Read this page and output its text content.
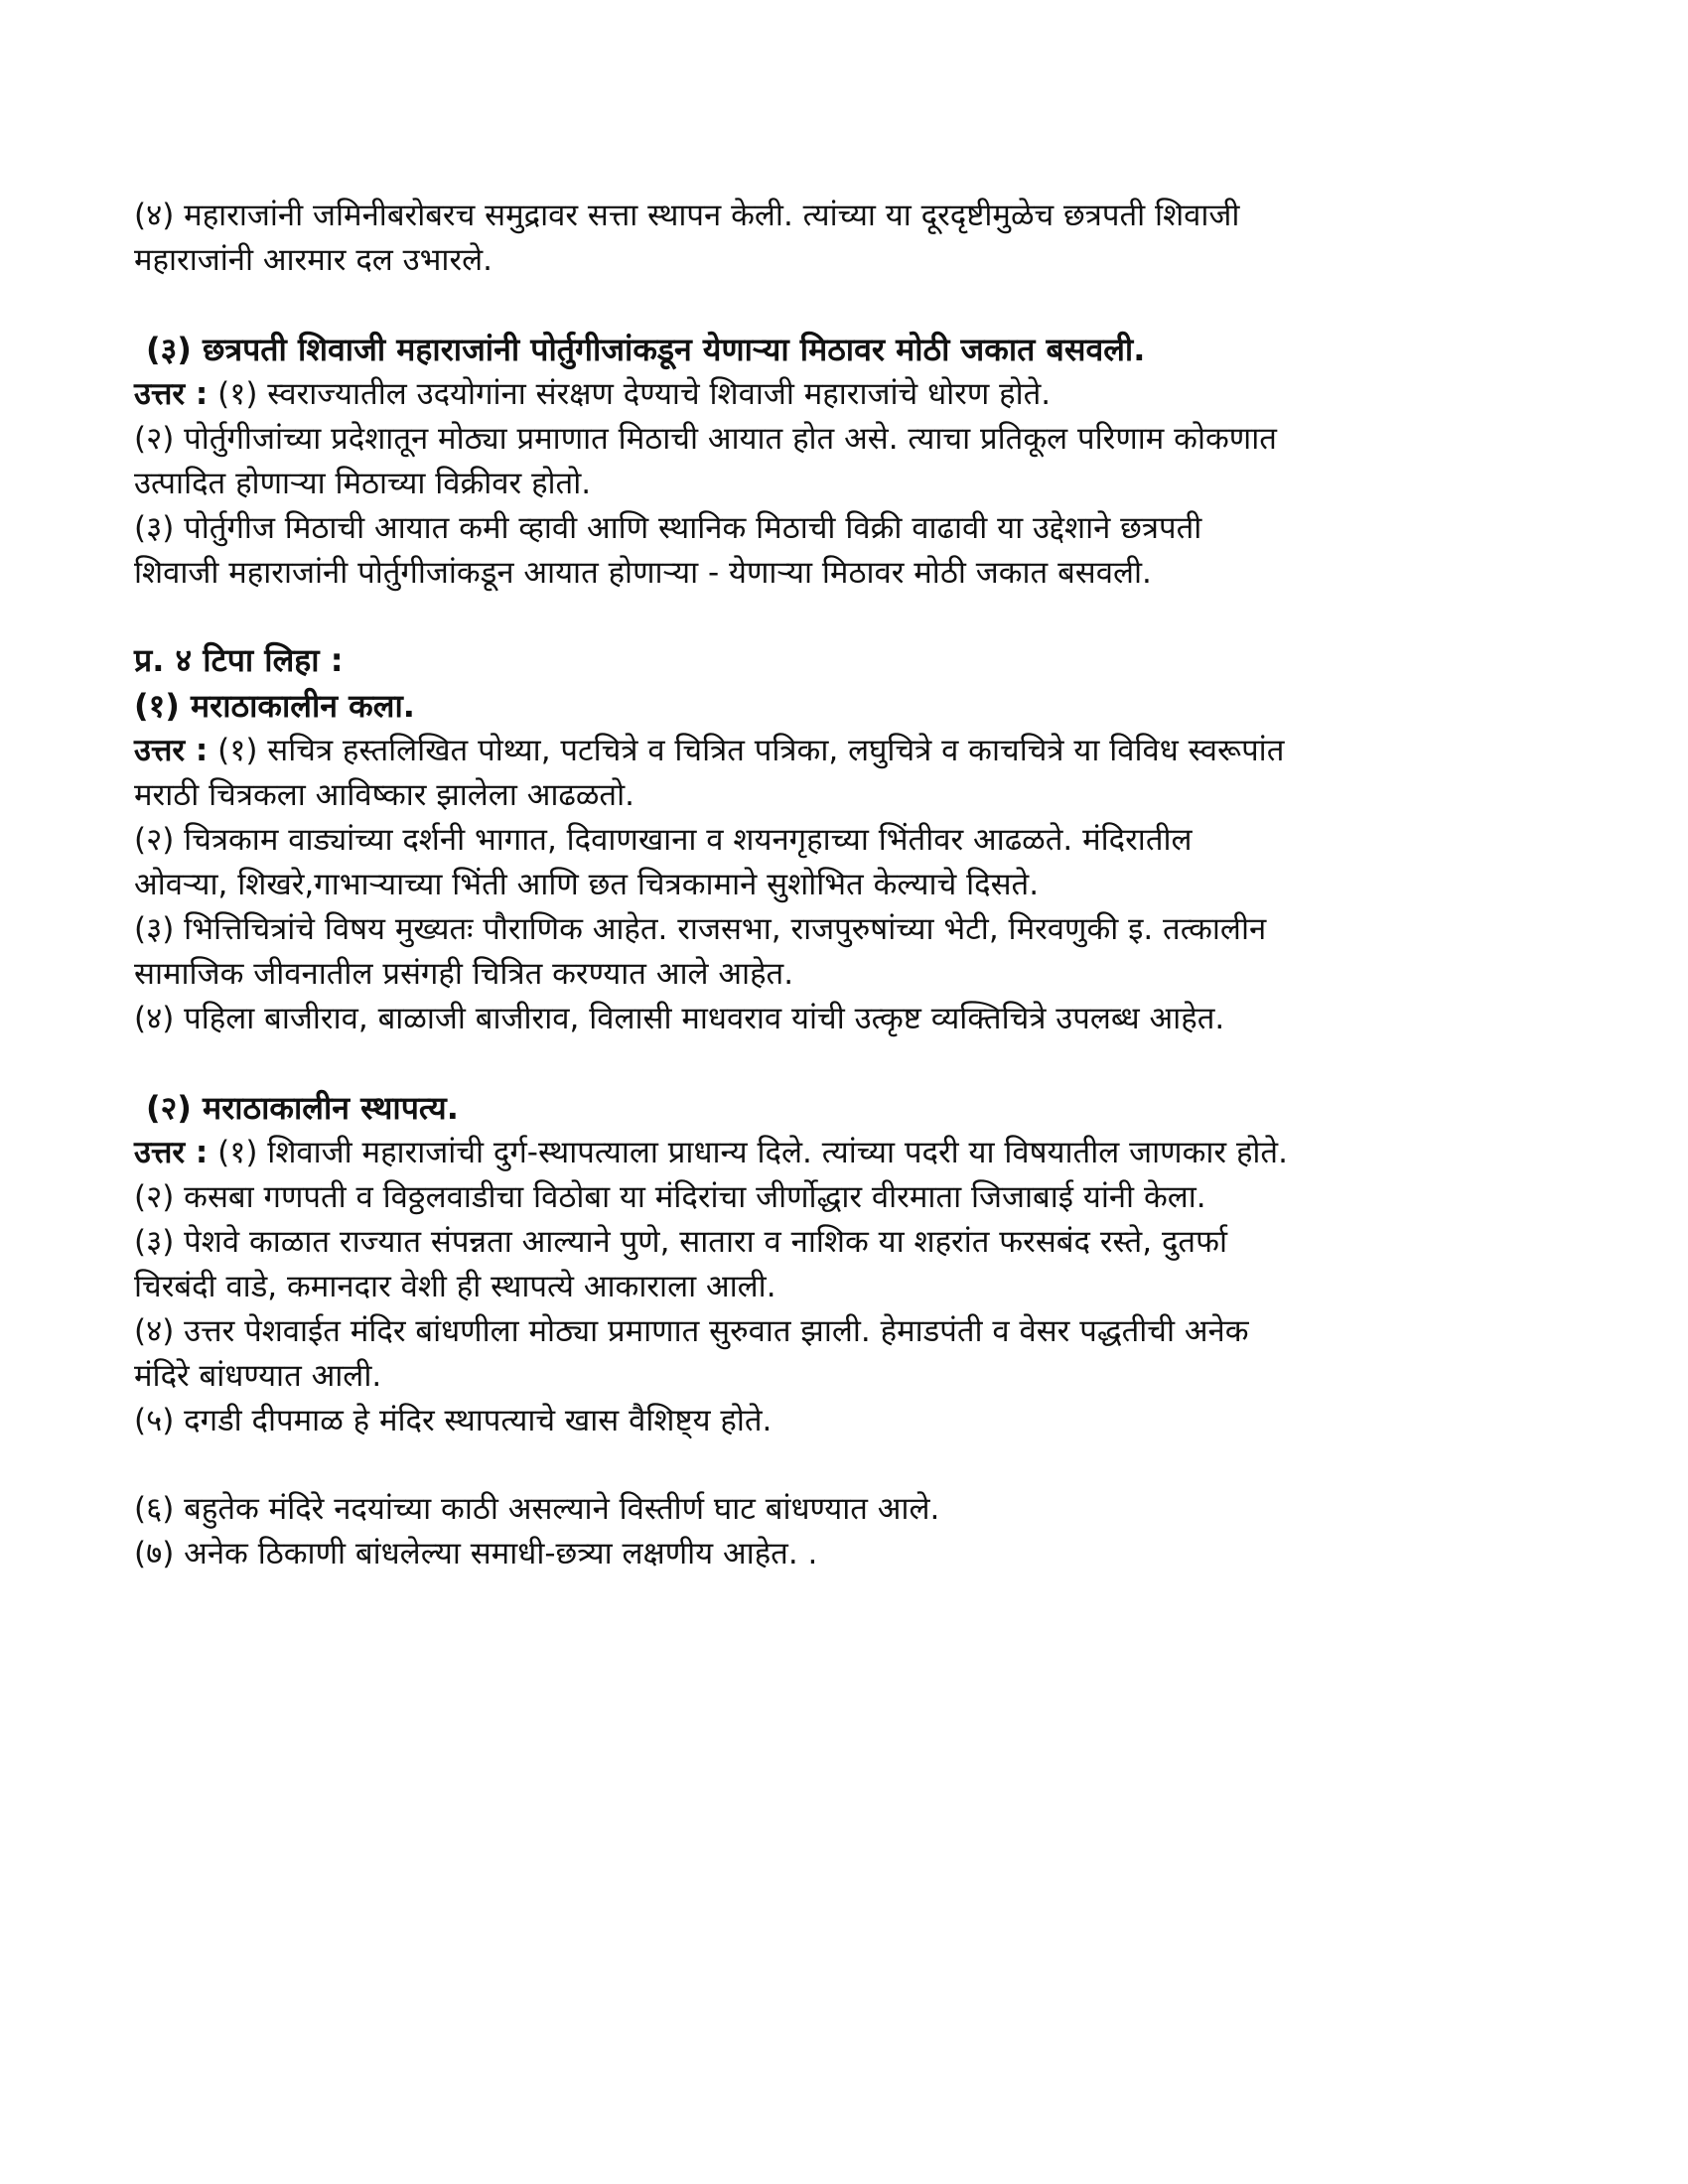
(४) महाराजांनी जमिनीबरोबरच समुद्रावर सत्ता स्थापन केली. त्यांच्या या दूरदृष्टीमुळेच छत्रपती शिवाजी

महाराजांनी आरमार दल उभारले.

(३) छत्रपती शिवाजी महाराजांनी पोर्तुगीजांकडून येणाऱ्या मिठावर मोठी जकात बसवली.

उत्तर : (१) स्वराज्यातील उदयोगांना संरक्षण देण्याचे शिवाजी महाराजांचे धोरण होते.

(२) पोर्तुगीजांच्या प्रदेशातून मोठ्या प्रमाणात मिठाची आयात होत असे. त्याचा प्रतिकूल परिणाम कोकणात

उत्पादित होणाऱ्या मिठाच्या विक्रीवर होतो.

(३) पोर्तुगीज मिठाची आयात कमी व्हावी आणि स्थानिक मिठाची विक्री वाढावी या उद्देशाने छत्रपती

शिवाजी महाराजांनी पोर्तुगीजांकडून आयात होणाऱ्या - येणाऱ्या मिठावर मोठी जकात बसवली.

प्र. ४ टिपा लिहा :

(१) मराठाकालीन कला.

उत्तर : (१) सचित्र हस्तलिखित पोथ्या, पटचित्रे व चित्रित पत्रिका, लघुचित्रे व काचचित्रे या विविध स्वरूपांत

मराठी चित्रकला आविष्कार झालेला आढळतो.

(२) चित्रकाम वाड्यांच्या दर्शनी भागात, दिवाणखाना व शयनगृहाच्या भिंतीवर आढळते. मंदिरातील

ओवऱ्या, शिखरे,गाभाऱ्याच्या भिंती आणि छत चित्रकामाने सुशोभित केल्याचे दिसते.

(३) भित्तिचित्रांचे विषय मुख्यतः पौराणिक आहेत. राजसभा, राजपुरुषांच्या भेटी, मिरवणुकी इ. तत्कालीन

सामाजिक जीवनातील प्रसंगही चित्रित करण्यात आले आहेत.

(४) पहिला बाजीराव, बाळाजी बाजीराव, विलासी माधवराव यांची उत्कृष्ट व्यक्तिचित्रे उपलब्ध आहेत.

(२) मराठाकालीन स्थापत्य.

उत्तर : (१) शिवाजी महाराजांची दुर्ग-स्थापत्याला प्राधान्य दिले. त्यांच्या पदरी या विषयातील जाणकार होते.

(२) कसबा गणपती व विठ्ठलवाडीचा विठोबा या मंदिरांचा जीर्णोद्धार वीरमाता जिजाबाई यांनी केला.

(३) पेशवे काळात राज्यात संपन्नता आल्याने पुणे, सातारा व नाशिक या शहरांत फरसबंद रस्ते, दुतर्फा

चिरबंदी वाडे, कमानदार वेशी ही स्थापत्ये आकाराला आली.

(४) उत्तर पेशवाईत मंदिर बांधणीला मोठ्या प्रमाणात सुरुवात झाली. हेमाडपंती व वेसर पद्धतीची अनेक

मंदिरे बांधण्यात आली.

(५) दगडी दीपमाळ हे मंदिर स्थापत्याचे खास वैशिष्ट्य होते.

(६) बहुतेक मंदिरे नदयांच्या काठी असल्याने विस्तीर्ण घाट बांधण्यात आले.

(७) अनेक ठिकाणी बांधलेल्या समाधी-छत्र्या लक्षणीय आहेत. .
